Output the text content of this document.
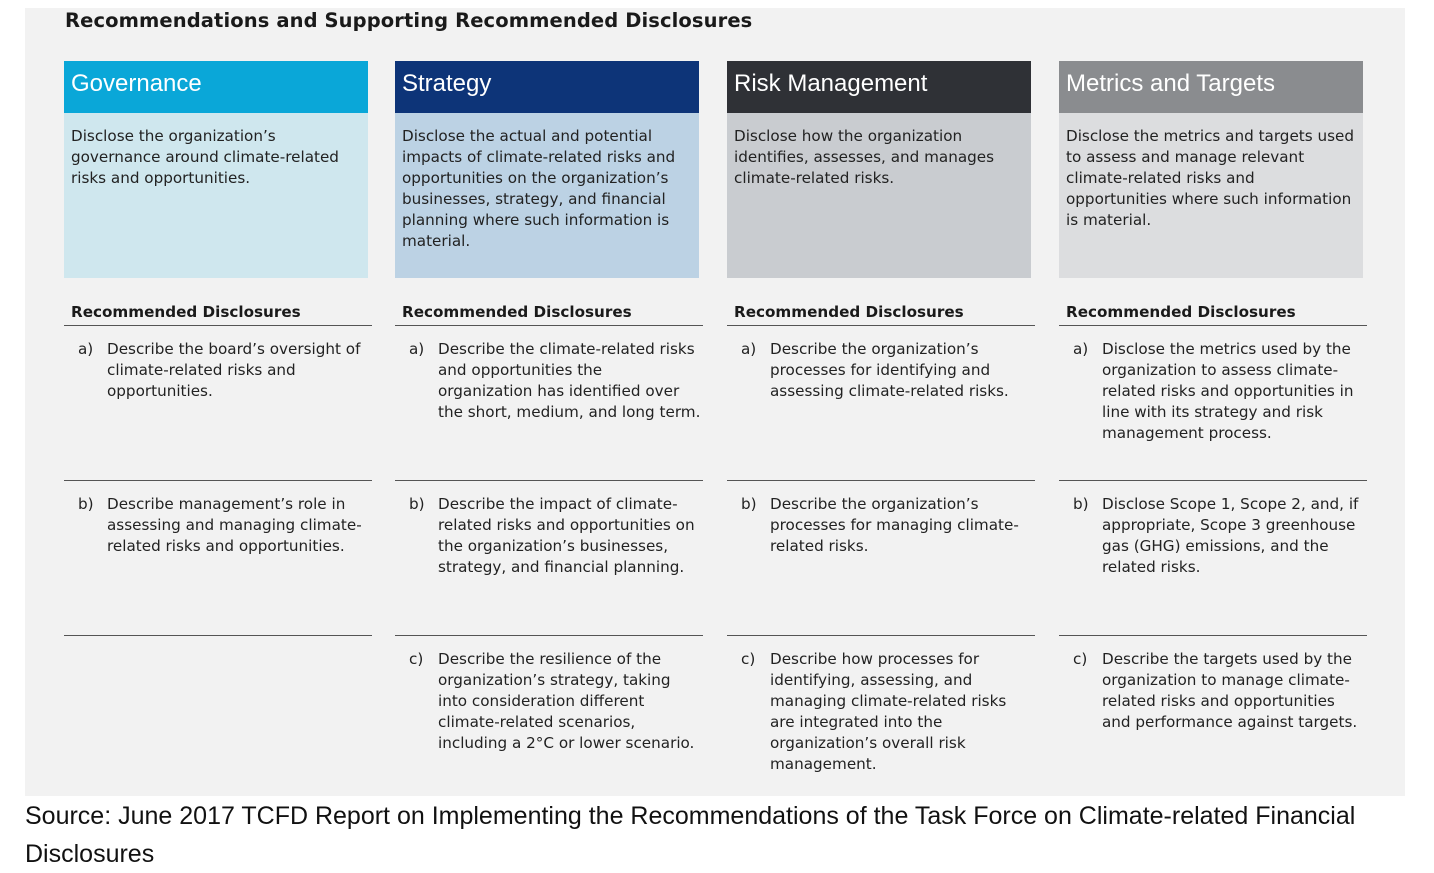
Recommendations and Supporting Recommended Disclosures
Governance
Disclose the organization’s governance around climate-related risks and opportunities.
Recommended Disclosures
a) Describe the board’s oversight of climate-related risks and opportunities.
b) Describe management’s role in assessing and managing climate-related risks and opportunities.
Strategy
Disclose the actual and potential impacts of climate-related risks and opportunities on the organization’s businesses, strategy, and financial planning where such information is material.
Recommended Disclosures
a) Describe the climate-related risks and opportunities the organization has identified over the short, medium, and long term.
b) Describe the impact of climate-related risks and opportunities on the organization’s businesses, strategy, and financial planning.
c) Describe the resilience of the organization’s strategy, taking into consideration different climate-related scenarios, including a 2°C or lower scenario.
Risk Management
Disclose how the organization identifies, assesses, and manages climate-related risks.
Recommended Disclosures
a) Describe the organization’s processes for identifying and assessing climate-related risks.
b) Describe the organization’s processes for managing climate-related risks.
c) Describe how processes for identifying, assessing, and managing climate-related risks are integrated into the organization’s overall risk management.
Metrics and Targets
Disclose the metrics and targets used to assess and manage relevant climate-related risks and opportunities where such information is material.
Recommended Disclosures
a) Disclose the metrics used by the organization to assess climate-related risks and opportunities in line with its strategy and risk management process.
b) Disclose Scope 1, Scope 2, and, if appropriate, Scope 3 greenhouse gas (GHG) emissions, and the related risks.
c) Describe the targets used by the organization to manage climate-related risks and opportunities and performance against targets.
Source: June 2017 TCFD Report on Implementing the Recommendations of the Task Force on Climate-related Financial Disclosures
